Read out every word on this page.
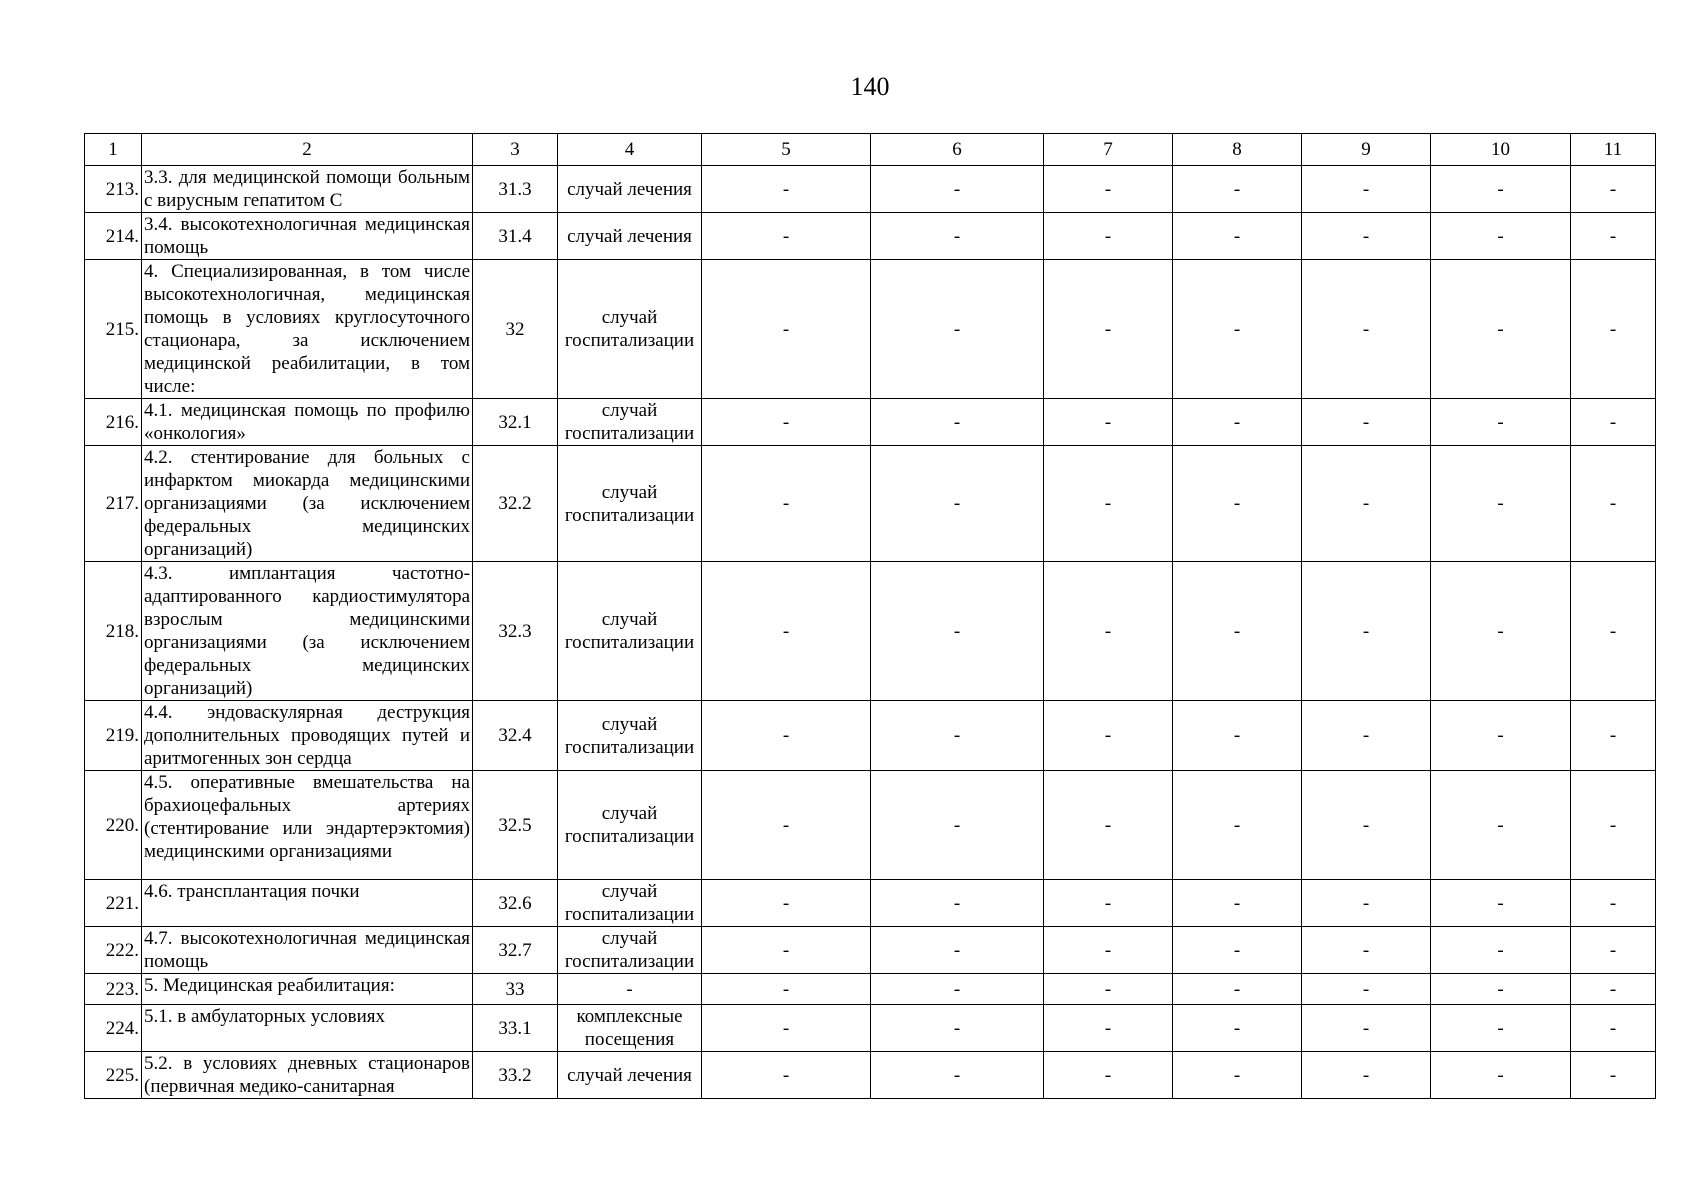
140
1	2	3	4	5	6	7	8	9	10	11
213.	3.3. для медицинской помощи больным с вирусным гепатитом С	31.3	случай лечения	-	-	-	-	-	-	-
214.	3.4. высокотехнологичная медицинская помощь	31.4	случай лечения	-	-	-	-	-	-	-
215.	4. Специализированная, в том числе высокотехнологичная, медицинская помощь в условиях круглосуточного стационара, за исключением медицинской реабилитации, в том числе:	32	случай госпитализации	-	-	-	-	-	-	-
216.	4.1. медицинская помощь по профилю «онкология»	32.1	случай госпитализации	-	-	-	-	-	-	-
217.	4.2. стентирование для больных с инфарктом миокарда медицинскими организациями (за исключением федеральных медицинских организаций)	32.2	случай госпитализации	-	-	-	-	-	-	-
218.	4.3. имплантация частотно-адаптированного кардиостимулятора взрослым медицинскими организациями (за исключением федеральных медицинских организаций)	32.3	случай госпитализации	-	-	-	-	-	-	-
219.	4.4. эндоваскулярная деструкция дополнительных проводящих путей и аритмогенных зон сердца	32.4	случай госпитализации	-	-	-	-	-	-	-
220.	4.5. оперативные вмешательства на брахиоцефальных артериях (стентирование или эндартерэктомия) медицинскими организациями	32.5	случай госпитализации	-	-	-	-	-	-	-
221.	4.6. трансплантация почки	32.6	случай госпитализации	-	-	-	-	-	-	-
222.	4.7. высокотехнологичная медицинская помощь	32.7	случай госпитализации	-	-	-	-	-	-	-
223.	5. Медицинская реабилитация:	33	-	-	-	-	-	-	-	-
224.	5.1. в амбулаторных условиях	33.1	комплексные посещения	-	-	-	-	-	-	-
225.	5.2. в условиях дневных стационаров (первичная медико-санитарная	33.2	случай лечения	-	-	-	-	-	-	-
